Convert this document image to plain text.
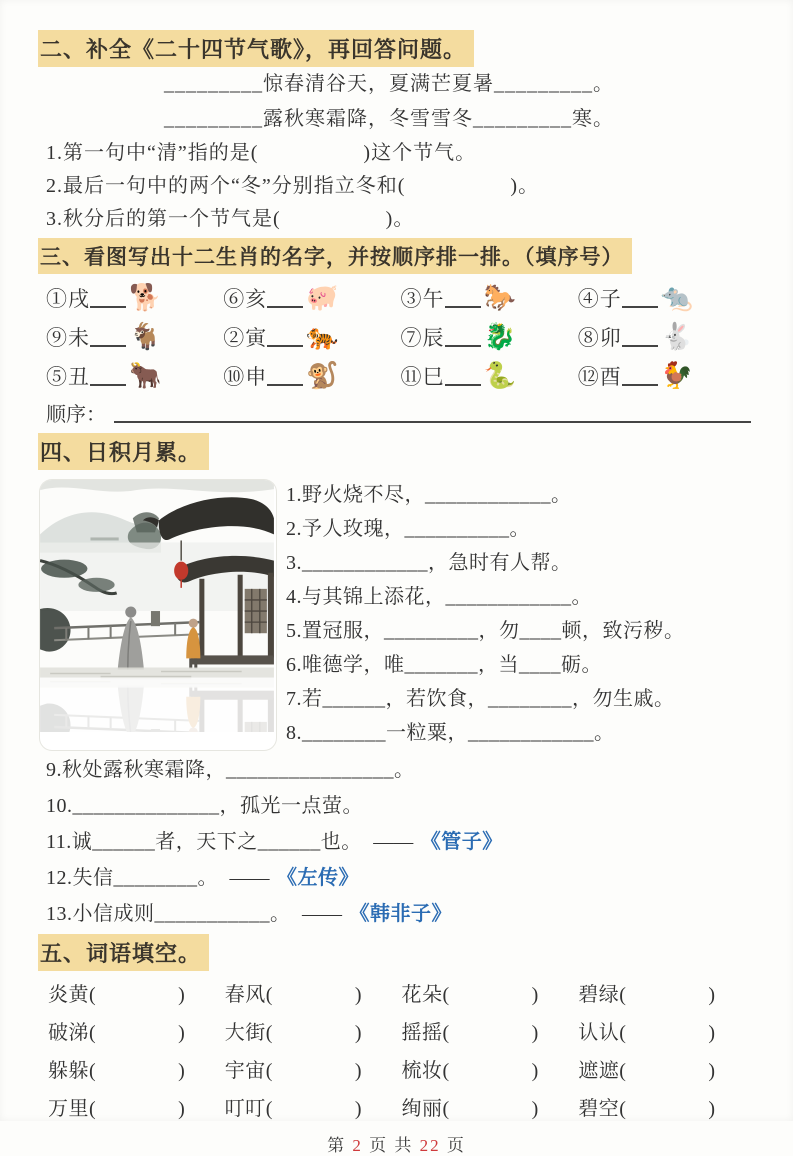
二、补全《二十四节气歌》，再回答问题。
_________惊春清谷天，夏满芒夏暑_________。
_________露秋寒霜降，冬雪雪冬_________寒。
1.第一句中“清”指的是(　　　　　)这个节气。
2.最后一句中的两个“冬”分别指立冬和(　　　　　)。
3.秋分后的第一个节气是(　　　　　)。
三、看图写出十二生肖的名字，并按顺序排一排。（填序号）
①戌 🐕	⑥亥 🐖	③午 🐎	④子 🐀
⑨未 🐐	②寅 🐅	⑦辰 🐉	⑧卯 🐇
⑤丑 🐂	⑩申 🐒	⑪巳 🐍	⑫酉 🐓
顺序：
四、日积月累。
1.野火烧不尽，____________。
2.予人玫瑰，__________。
3.____________，急时有人帮。
4.与其锦上添花，____________。
5.置冠服，_________，勿____顿，致污秽。
6.唯德学，唯_______，当____砺。
7.若______，若饮食，________，勿生戚。
8.________一粒粟，____________。
9.秋处露秋寒霜降，________________。
10.______________，孤光一点萤。
11.诚______者，天下之______也。 —— 《管子》
12.失信________。 —— 《左传》
13.小信成则___________。 —— 《韩非子》
五、词语填空。
炎黄(　　　　)	春风(　　　　)	花朵(　　　　)	碧绿(　　　　)
破涕(　　　　)	大街(　　　　)	摇摇(　　　　)	认认(　　　　)
躲躲(　　　　)	宇宙(　　　　)	梳妆(　　　　)	遮遮(　　　　)
万里(　　　　)	叮叮(　　　　)	绚丽(　　　　)	碧空(　　　　)
第 2 页 共 22 页
